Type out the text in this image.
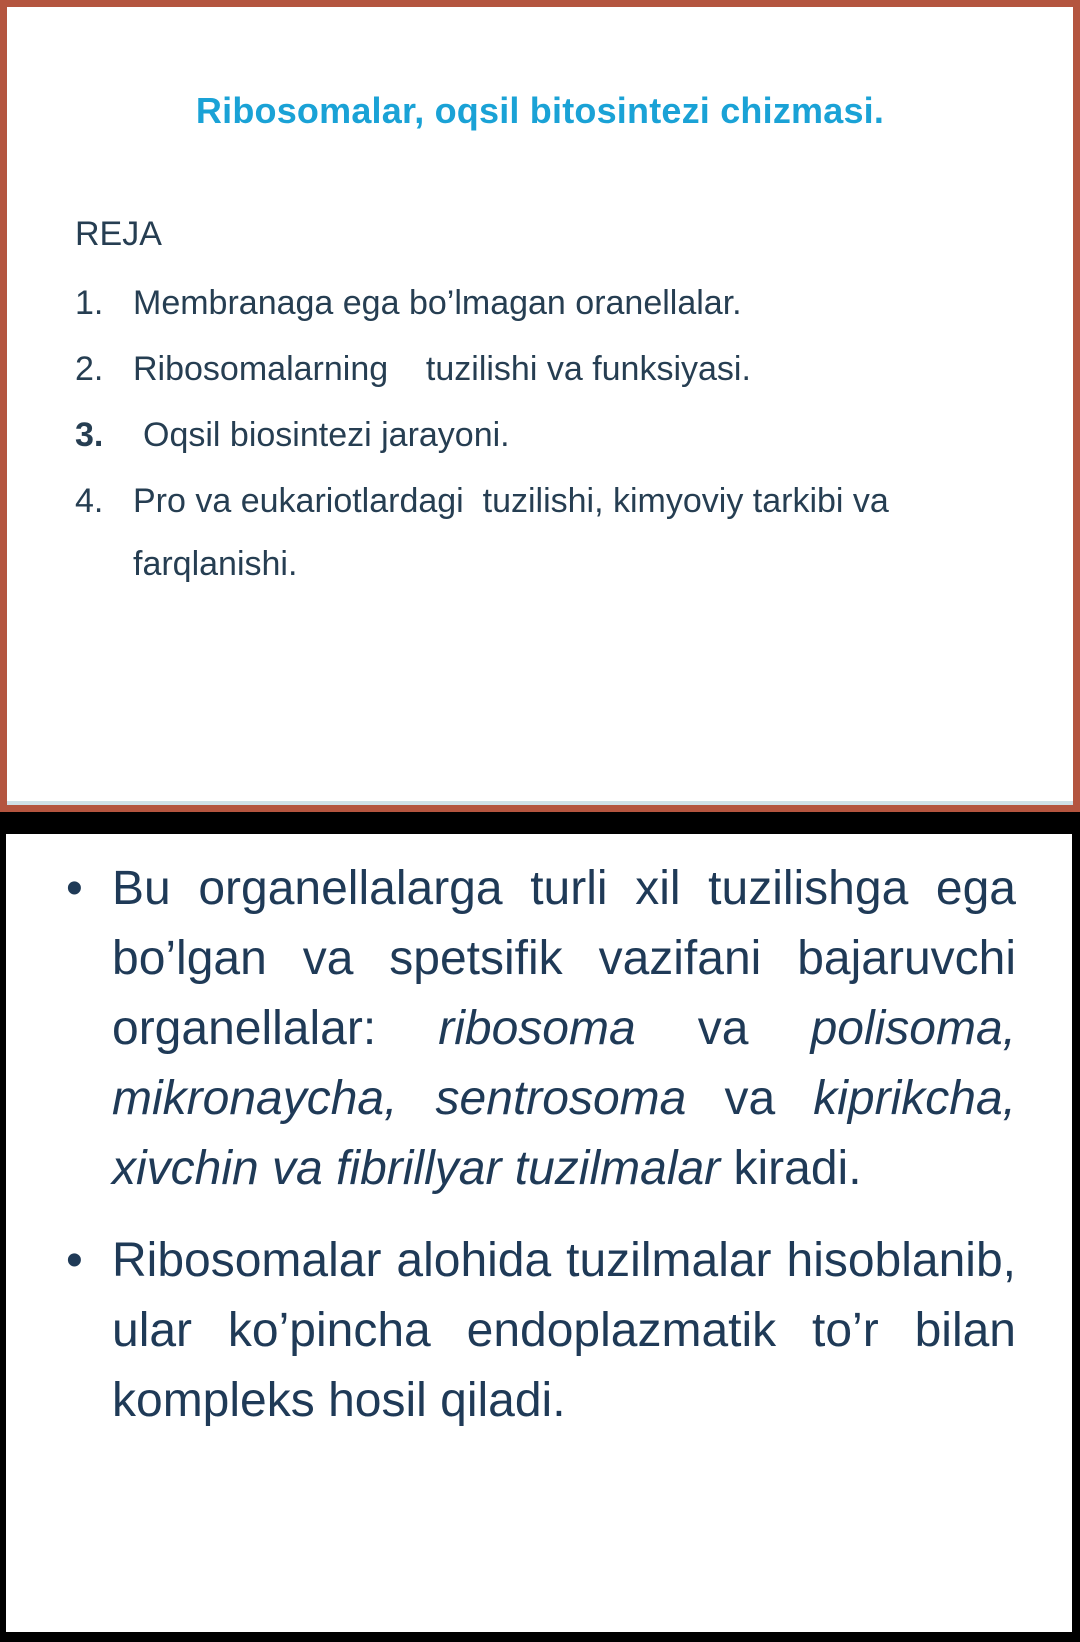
Ribosomalar, oqsil bitosintezi chizmasi.
REJA
1. Membranaga ega bo’lmagan oranellalar.
2. Ribosomalarning    tuzilishi va funksiyasi.
3.	Oqsil biosintezi jarayoni.
4. Pro va eukariotlardagi  tuzilishi, kimyoviy tarkibi va farqlanishi.
• Bu organellalarga turli xil tuzilishga ega bo’lgan va spetsifik vazifani bajaruvchi organellalar: ribosoma va polisoma, mikronaycha, sentrosoma va kiprikcha, xivchin va fibrillyar tuzilmalar kiradi.
• Ribosomalar alohida tuzilmalar hisoblanib, ular ko’pincha endoplazmatik to’r bilan kompleks hosil qiladi.
